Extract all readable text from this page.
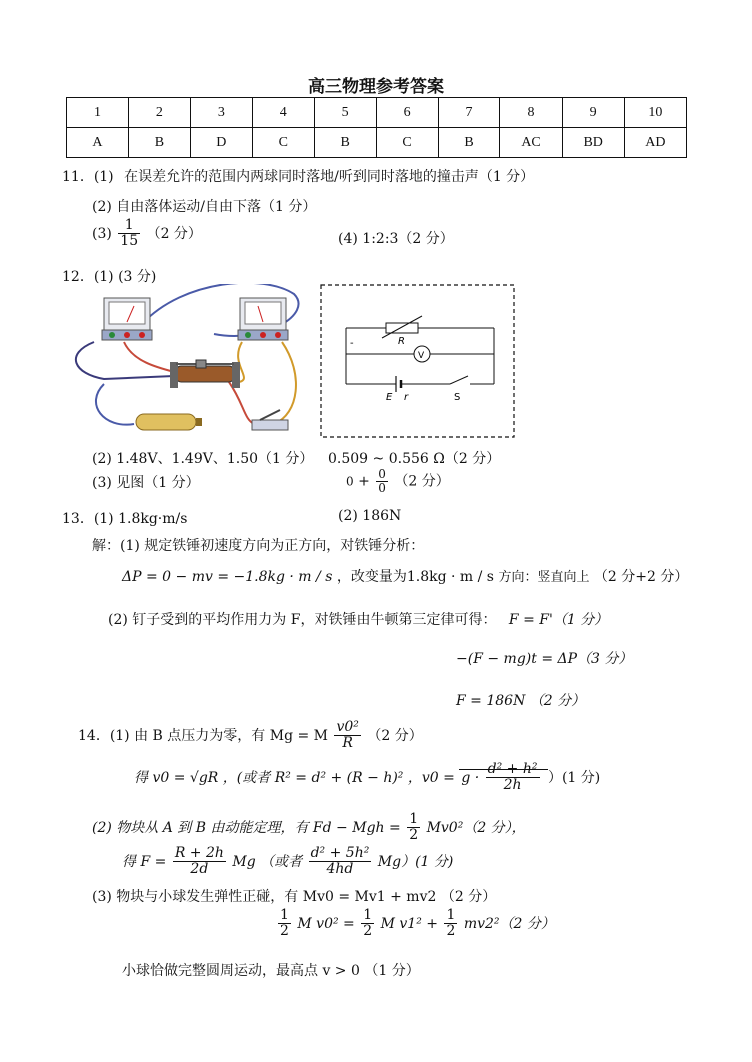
高三物理参考答案
1	2	3	4	5	6	7	8	9	10
A	B	D	C	B	C	B	AC	BD	AD
11．(1) 在误差允许的范围内两球同时落地/听到同时落地的撞击声（1 分）
(2) 自由落体运动/自由下落（1 分）
$(3) \frac{1}{15} (2$ 分）	(4) 1:2:3（2 分）
12．(1) (3 分)
R
V
E r	S
-
(2) 1.48V、1.49V、1.50（1 分） 0.509 ~ 0.556 Ω（2 分）
(3) 见图（1 分）	$0 + \frac{0}{0} (2$ 分）
13．(1) 1.8kg·m/s	(2) 186N
解：(1) 规定铁锤初速度方向为正方向，对铁锤分析：
ΔP = 0 − mv = −1.8kg · m / s ，改变量为1.8kg · m / s 方向：竖直向上 （2 分+2 分）
(2) 钉子受到的平均作用力为 F，对铁锤由牛顿第三定律可得： F = F'（1 分）
−(F − mg)t = ΔP（3 分）
F = 186N （2 分）
14．(1) 由 B 点压力为零，有 Mg = M $\frac{\text{v0²}}{R} (2$ 分）
得 v0 = √gR ，(或者 R² = d² + (R − h)² ，$v0 = g \cdot \frac{\text{d² + h²}}{2h} )(1$ 分)
(2) 物块从 A 到 B 由动能定理，有 Fd − Mgh = $\frac{1}{2} Mv0^2(2$ 分），
得 $F = \frac{R + 2h}{2d}$ Mg （或者 $\frac{\text{d² + 5h²}}{4hd} Mg)(1$ 分)
(3) 物块与小球发生弹性正碰，有 Mv0 = Mv1 + mv2 （2 分）
$\frac{1}{2}$ M $v0^2 = \frac{1}{2}$ M $v1^2 + \frac{1}{2} mv2^2(2$ 分）
小球恰做完整圆周运动，最高点 v > 0 （1 分）
